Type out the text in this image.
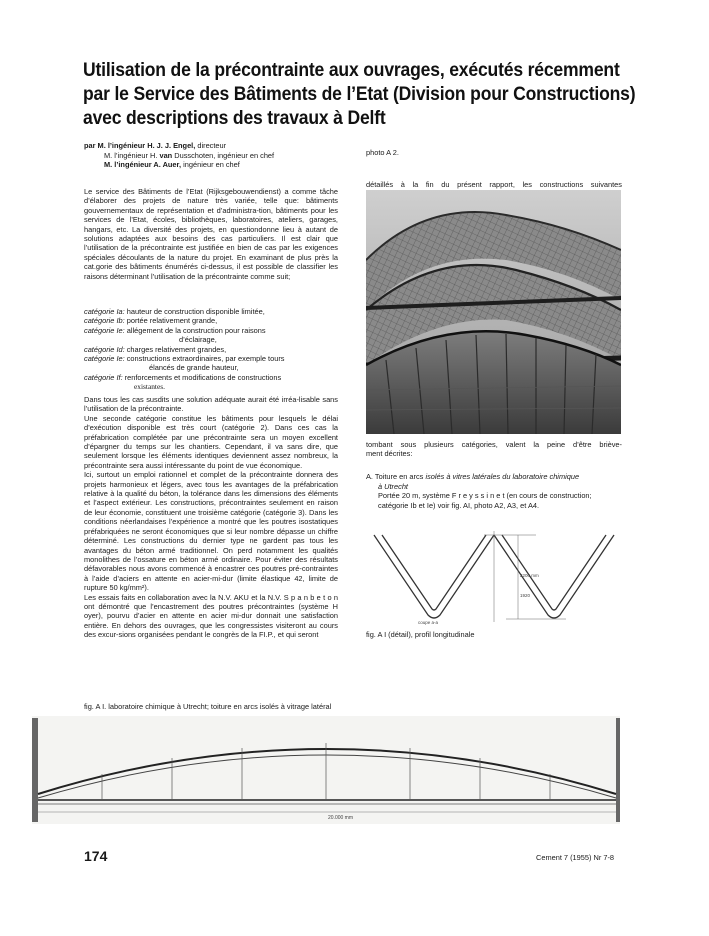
Utilisation de la précontrainte aux ouvrages, exécutés récemment
par le Service des Bâtiments de l’Etat (Division pour Constructions)
avec descriptions des travaux à Delft
par M. l’ingénieur H. J. J. Engel, directeur
M. l’ingénieur H. van Dusschoten, ingénieur en chef
M. l’ingénieur A. Auer, ingénieur en chef

Le service des Bâtiments de l’Etat (Rijksgebouwendienst) a comme tâche d’élaborer des projets de nature très variée, telle que: bâtiments gouvernementaux de représentation et d’administra-tion, bâtiments pour les services de l’Etat, écoles, bibliothèques, laboratoires, ateliers, garages, hangars, etc. La diversité des projets, en questiondonne lieu à autant de solutions adaptées aux besoins des cas particuliers. Il est clair que l’utilisation de la précontrainte est justifiée en bien de cas par les exigences spéciales découlants de la nature du projet. En examinant de plus près la cat.gorie des bâtiments énumérés ci-dessus, il est possible de classifier les raisons déterminant l’utilisation de la précontrainte comme suit;

catégorie Ia: hauteur de construction disponible limitée,
catégorie Ib: portée relativement grande,
catégorie Ie: allégement de la construction pour raisons
d’éclairage,
catégorie Id: charges relativement grandes,
catégorie Ie: constructions extraordinaires, par exemple tours
élancés de grande hauteur,
catégorie If: renforcements et modifications de constructions
existantes.

Dans tous les cas susdits une solution adéquate aurait été irréa-lisable sans l’utilisation de la précontrainte.

Une seconde catégorie constitue les bâtiments pour lesquels le délai d’exécution disponible est très court (catégorie 2). Dans ces cas la préfabrication complétée par une précontrainte sera un moyen excellent d’épargner du temps sur les chantiers. Cependant, il va sans dire, que seulement lorsque les éléments identiques deviennent assez nombreux, la précontrainte sera aussi intéressante du point de vue économique.

Ici, surtout un emploi rationnel et complet de la précontrainte donnera des projets harmonieux et légers, avec tous les avantages de la préfabrication relative à la qualité du béton, la tolérance dans les dimensions des éléments et l’aspect extérieur. Les constructions, précontraintes seulement en raison de leur économie, constituent une troisième catégorie (catégorie 3). Dans les conditions néerlandaises l’expérience a montré que les poutres isostatiques préfabriquées ne seront économiques que si leur nombre dépasse un chiffre déterminé. Les constructions du dernier type ne gardent pas tous les avantages du béton armé traditionnel. On perd notamment les qualités monolithes de l’ossature en béton armé ordinaire. Pour éviter des résultats défavorables nous avons commencé à encastrer ces poutres pré-contraintes à l’aide d’aciers en attente en acier-mi-dur (limite élastique 42, limite de rupture 50 kg/mm²).

Les essais faits en collaboration avec la N.V. AKU et la N.V. S p a n b e t o n ont démontré que l’encastrement des poutres précontraintes (système H oyer), pourvu d’acier en attente en acier mi-dur donnait une satisfaction entière. En dehors des ouvrages, que les congressistes visiteront au cours des excur-sions organisées pendant le congrès de la FI.P., et qui seront

photo A 2.
détaillés à la fin du présent rapport, les constructions suivantes
tombant sous plusieurs catégories, valent la peine d’être briève-
ment décrites:
A. Toiture en arcs isolés à vitres latérales du laboratoire chimique
à Utrecht
Portée 20 m, système F r e y s s i n e t (en cours de construction;
catégorie Ib et Ie) voir fig. AI, photo A2, A3, et A4.
2200 mm
1920
coupe a-a
fig. A I (détail), profil longitudinale
fig. A I. laboratoire chimique à Utrecht; toiture en arcs isolés à vitrage latéral
20.000 mm
174	Cement 7 (1955) Nr 7-8
